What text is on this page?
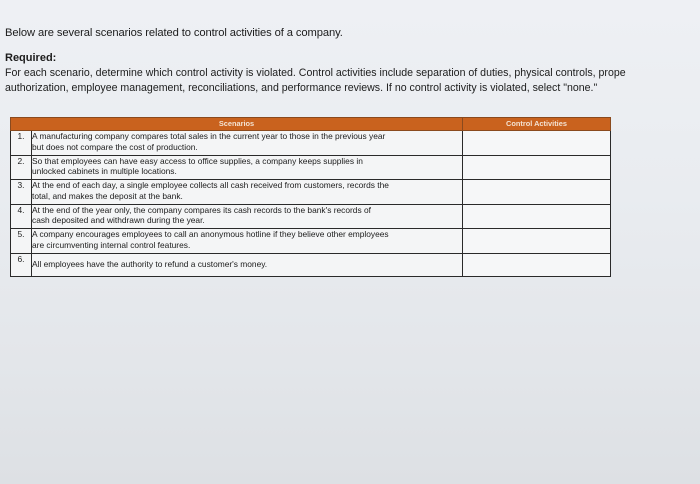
Below are several scenarios related to control activities of a company.
Required:
For each scenario, determine which control activity is violated. Control activities include separation of duties, physical controls, prope
authorization, employee management, reconciliations, and performance reviews. If no control activity is violated, select "none."
Scenarios		Control Activities
1.	A manufacturing company compares total sales in the current year to those in the previous year
but does not compare the cost of production.	

2.	So that employees can have easy access to office supplies, a company keeps supplies in
unlocked cabinets in multiple locations.	

3.	At the end of each day, a single employee collects all cash received from customers, records the
total, and makes the deposit at the bank.	

4.	At the end of the year only, the company compares its cash records to the bank's records of
cash deposited and withdrawn during the year.	

5.	A company encourages employees to call an anonymous hotline if they believe other employees
are circumventing internal control features.	

6.	All employees have the authority to refund a customer's money.	
